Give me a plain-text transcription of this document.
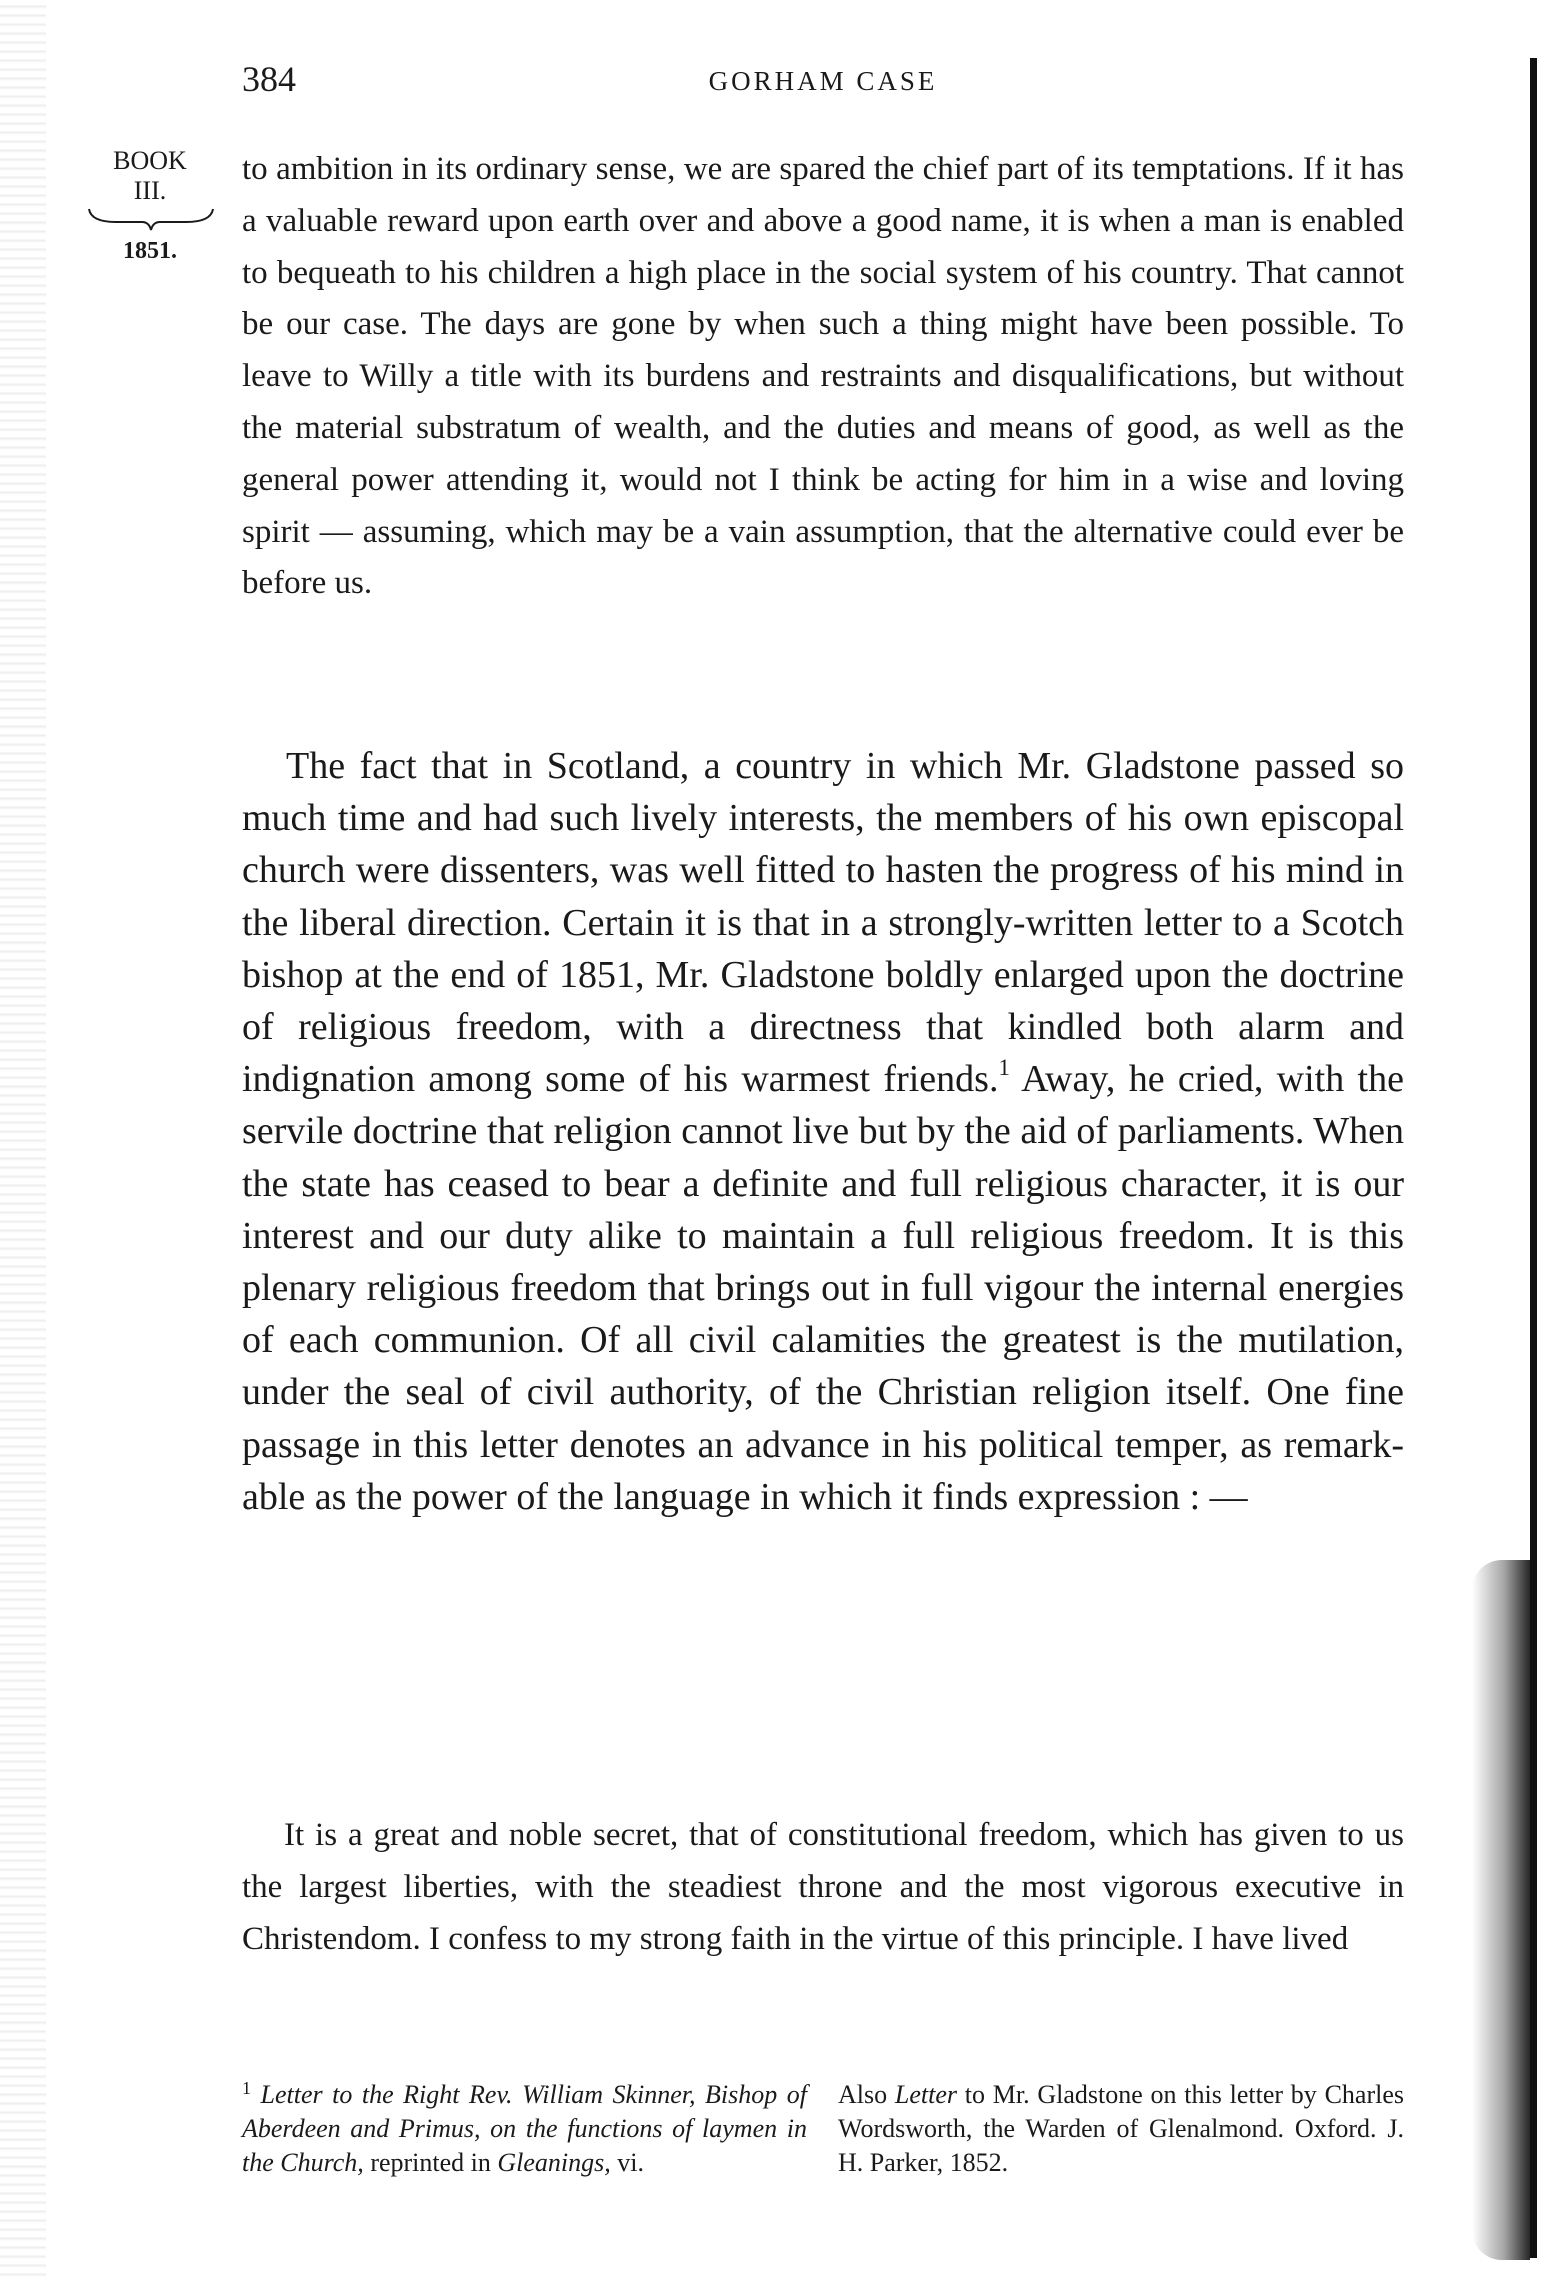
384	GORHAM CASE
BOOK
III.
1851.
to ambition in its ordinary sense, we are spared the chief part of its temptations. If it has a valuable reward upon earth over and above a good name, it is when a man is enabled to bequeath to his children a high place in the social system of his country. That cannot be our case. The days are gone by when such a thing might have been possible. To leave to Willy a title with its burdens and restraints and disqualifications, but without the material substratum of wealth, and the duties and means of good, as well as the general power attending it, would not I think be acting for him in a wise and loving spirit — assuming, which may be a vain assumption, that the alternative could ever be before us.
The fact that in Scotland, a country in which Mr. Gladstone passed so much time and had such lively interests, the members of his own episcopal church were dissenters, was well fitted to hasten the progress of his mind in the liberal direction. Certain it is that in a strongly-written letter to a Scotch bishop at the end of 1851, Mr. Gladstone boldly enlarged upon the doctrine of religious freedom, with a directness that kindled both alarm and indignation among some of his warmest friends.$^1$ Away, he cried, with the servile doctrine that religion cannot live but by the aid of parliaments. When the state has ceased to bear a definite and full religious character, it is our interest and our duty alike to maintain a full religious freedom. It is this plenary religious freedom that brings out in full vigour the internal energies of each communion. Of all civil calamities the greatest is the mutilation, under the seal of civil authority, of the Christian religion itself. One fine passage in this letter denotes an advance in his political temper, as remarkable as the power of the language in which it finds expression : —
It is a great and noble secret, that of constitutional freedom, which has given to us the largest liberties, with the steadiest throne and the most vigorous executive in Christendom. I confess to my strong faith in the virtue of this principle. I have lived
$^1$ Letter to the Right Rev. William Skinner, Bishop of Aberdeen and Primus, on the functions of laymen in the Church, reprinted in Gleanings, vi.
Also Letter to Mr. Gladstone on this letter by Charles Wordsworth, the Warden of Glenalmond. Oxford. J. H. Parker, 1852.
